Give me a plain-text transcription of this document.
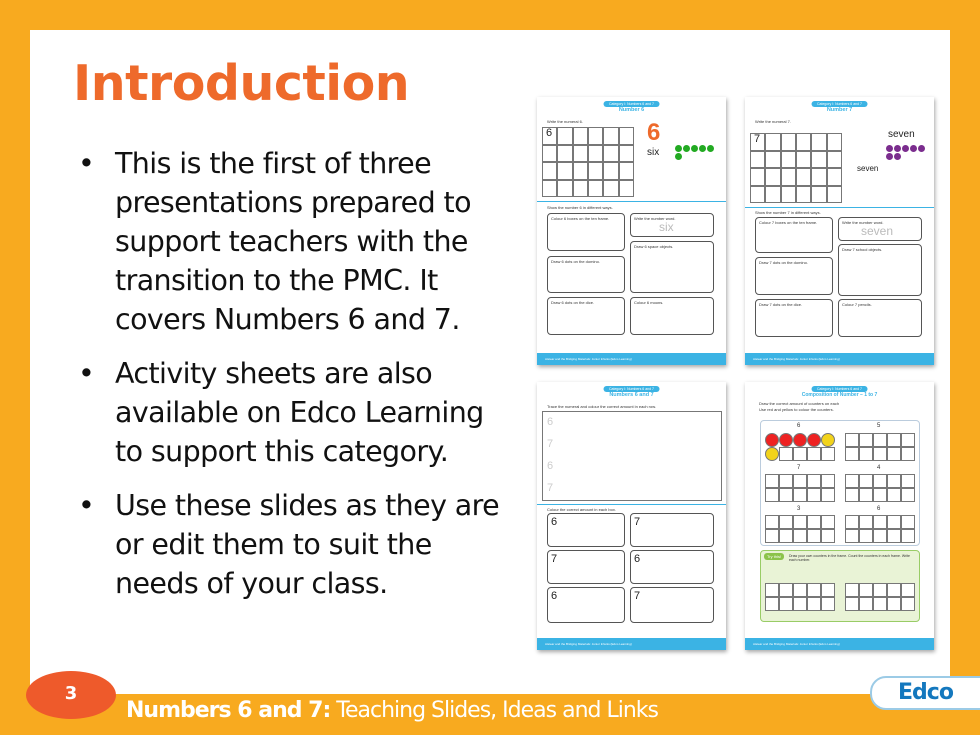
Introduction
• This is the first of three presentations prepared to support teachers with the transition to the PMC. It covers Numbers 6 and 7.
• Activity sheets are also available on Edco Learning to support this category.
• Use these slides as they are or edit them to suit the needs of your class.
Category I: Numbers 6 and 7
Number 6
Write the numeral 6.
6	6
six

Show the number 6 in different ways.
Colour 6 boxes on the ten frame.	Write the number word.
six
Draw 6 space objects.
Draw 6 dots on the domino.
Draw 6 dots on the dice.	Colour 6 moons.
Aistear and the Bridging Materials: Junior Infants (Edco Learning)
Category I: Numbers 6 and 7
Number 7
Write the numeral 7.
7	seven
seven

Show the number 7 in different ways.
Colour 7 boxes on the ten frame.	Write the number word.
seven
Draw 7 school objects.
Draw 7 dots on the domino.
Draw 7 dots on the dice.	Colour 7 pencils.
Aistear and the Bridging Materials: Junior Infants (Edco Learning)
Category I: Numbers 6 and 7
Numbers 6 and 7
Trace the numeral and colour the correct amount in each row.
6
7
6
7
Colour the correct amount in each box.
6	7
7	6
6	7
Aistear and the Bridging Materials: Junior Infants (Edco Learning)
Category I: Numbers 6 and 7
Composition of Number – 1 to 7
Draw the correct amount of counters on each
Use red and yellow to colour the counters.
6	5
7	4
3	6
Try this!	Draw your own counters in the frame. Count the counters in each frame. Write each number.
Aistear and the Bridging Materials: Junior Infants (Edco Learning)
3
Numbers 6 and 7: Teaching Slides, Ideas and Links
Edco
